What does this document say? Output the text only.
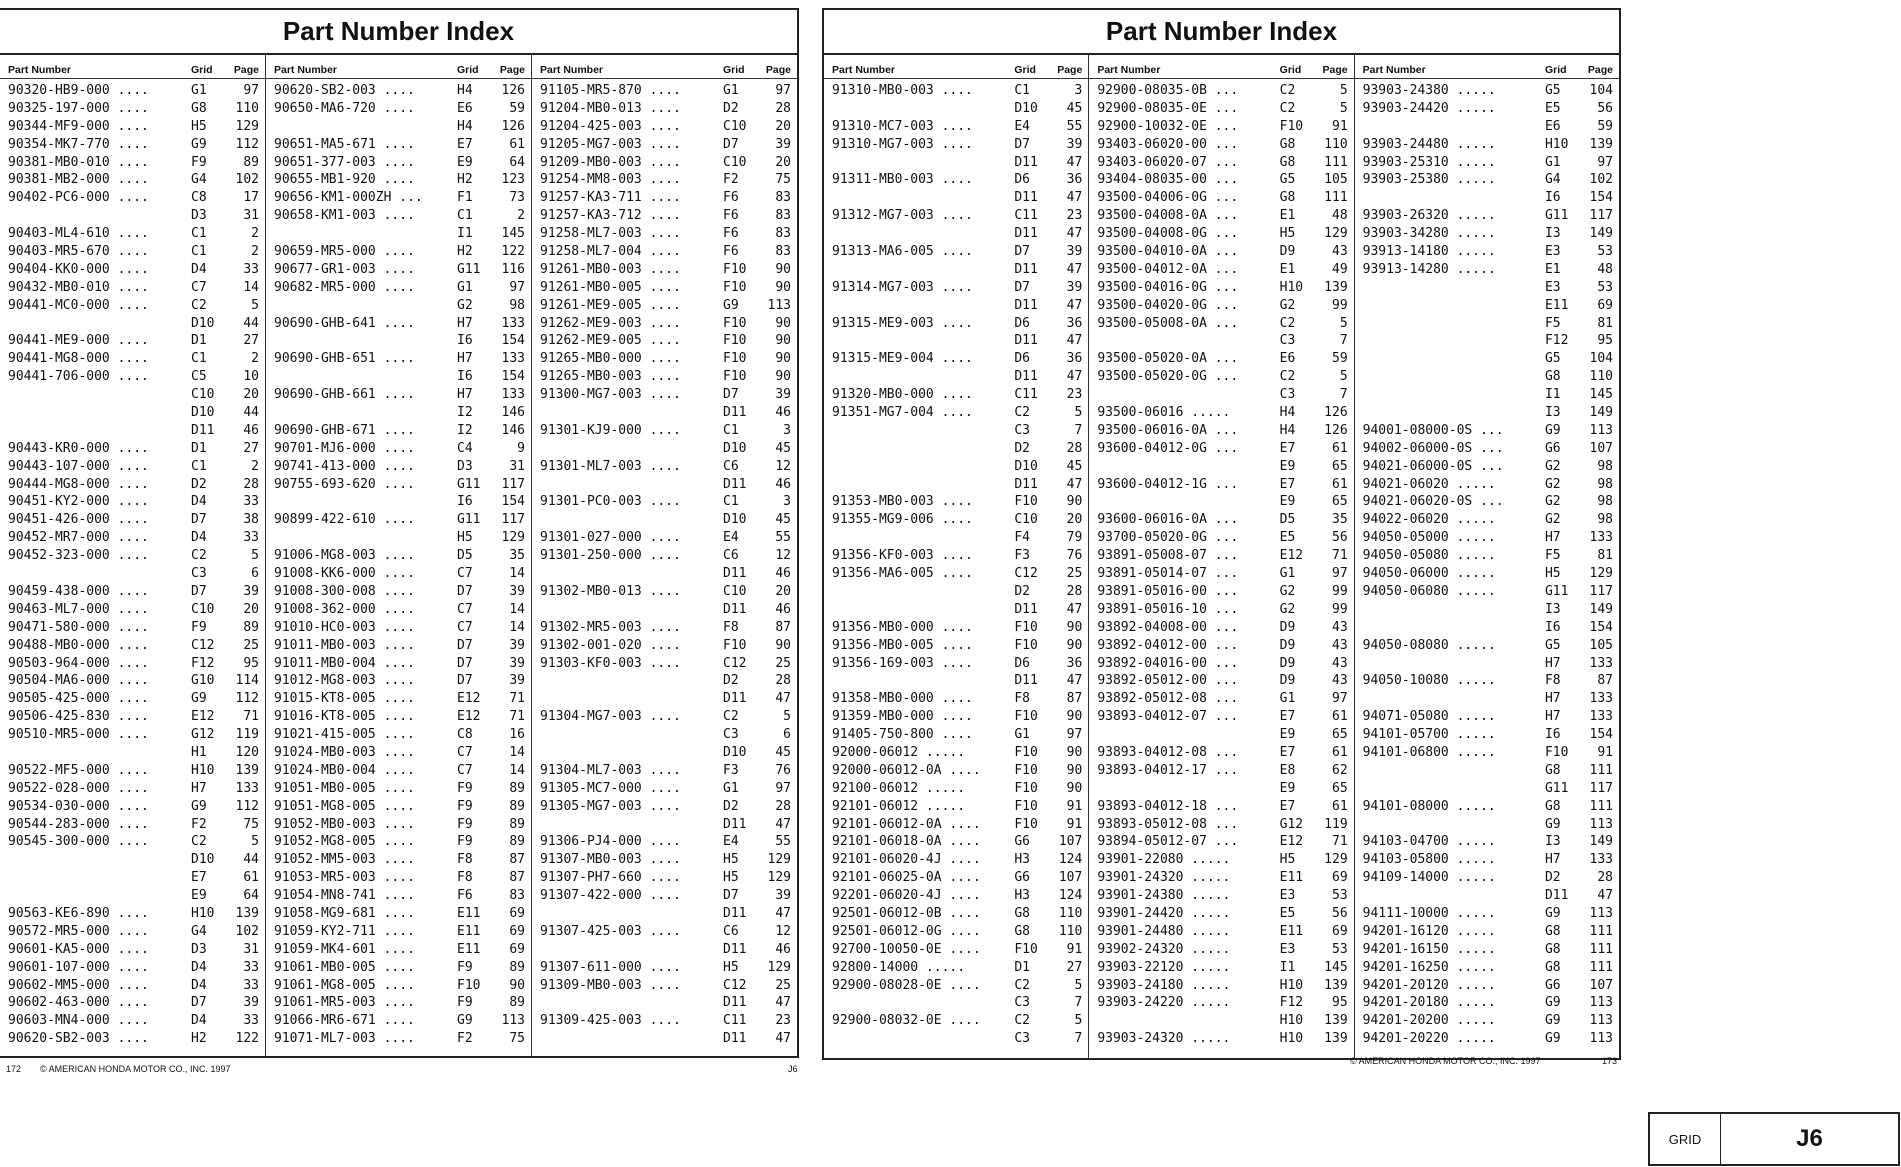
Part Number Index
Part Number	Grid	Page
90320-HB9-000 ....	G1	97
90325-197-000 ....	G8	110
90344-MF9-000 ....	H5	129
90354-MK7-770 ....	G9	112
90381-MB0-010 ....	F9	89
90381-MB2-000 ....	G4	102
90402-PC6-000 ....	C8	17
D3	31
90403-ML4-610 ....	C1	2
90403-MR5-670 ....	C1	2
90404-KK0-000 ....	D4	33
90432-MB0-010 ....	C7	14
90441-MC0-000 ....	C2	5
D10	44
90441-ME9-000 ....	D1	27
90441-MG8-000 ....	C1	2
90441-706-000 ....	C5	10
C10	20
D10	44
D11	46
90443-KR0-000 ....	D1	27
90443-107-000 ....	C1	2
90444-MG8-000 ....	D2	28
90451-KY2-000 ....	D4	33
90451-426-000 ....	D7	38
90452-MR7-000 ....	D4	33
90452-323-000 ....	C2	5
C3	6
90459-438-000 ....	D7	39
90463-ML7-000 ....	C10	20
90471-580-000 ....	F9	89
90488-MB0-000 ....	C12	25
90503-964-000 ....	F12	95
90504-MA6-000 ....	G10	114
90505-425-000 ....	G9	112
90506-425-830 ....	E12	71
90510-MR5-000 ....	G12	119
H1	120
90522-MF5-000 ....	H10	139
90522-028-000 ....	H7	133
90534-030-000 ....	G9	112
90544-283-000 ....	F2	75
90545-300-000 ....	C2	5
D10	44
E7	61
E9	64
90563-KE6-890 ....	H10	139
90572-MR5-000 ....	G4	102
90601-KA5-000 ....	D3	31
90601-107-000 ....	D4	33
90602-MM5-000 ....	D4	33
90602-463-000 ....	D7	39
90603-MN4-000 ....	D4	33
90620-SB2-003 ....	H2	122
Part Number	Grid	Page
90620-SB2-003 ....	H4	126
90650-MA6-720 ....	E6	59
H4	126
90651-MA5-671 ....	E7	61
90651-377-003 ....	E9	64
90655-MB1-920 ....	H2	123
90656-KM1-000ZH ...	F1	73
90658-KM1-003 ....	C1	2
I1	145
90659-MR5-000 ....	H2	122
90677-GR1-003 ....	G11	116
90682-MR5-000 ....	G1	97
G2	98
90690-GHB-641 ....	H7	133
I6	154
90690-GHB-651 ....	H7	133
I6	154
90690-GHB-661 ....	H7	133
I2	146
90690-GHB-671 ....	I2	146
90701-MJ6-000 ....	C4	9
90741-413-000 ....	D3	31
90755-693-620 ....	G11	117
I6	154
90899-422-610 ....	G11	117
H5	129
91006-MG8-003 ....	D5	35
91008-KK6-000 ....	C7	14
91008-300-008 ....	D7	39
91008-362-000 ....	C7	14
91010-HC0-003 ....	C7	14
91011-MB0-003 ....	D7	39
91011-MB0-004 ....	D7	39
91012-MG8-003 ....	D7	39
91015-KT8-005 ....	E12	71
91016-KT8-005 ....	E12	71
91021-415-005 ....	C8	16
91024-MB0-003 ....	C7	14
91024-MB0-004 ....	C7	14
91051-MB0-005 ....	F9	89
91051-MG8-005 ....	F9	89
91052-MB0-003 ....	F9	89
91052-MG8-005 ....	F9	89
91052-MM5-003 ....	F8	87
91053-MR5-003 ....	F8	87
91054-MN8-741 ....	F6	83
91058-MG9-681 ....	E11	69
91059-KY2-711 ....	E11	69
91059-MK4-601 ....	E11	69
91061-MB0-005 ....	F9	89
91061-MG8-005 ....	F10	90
91061-MR5-003 ....	F9	89
91066-MR6-671 ....	G9	113
91071-ML7-003 ....	F2	75
Part Number	Grid	Page
91105-MR5-870 ....	G1	97
91204-MB0-013 ....	D2	28
91204-425-003 ....	C10	20
91205-MG7-003 ....	D7	39
91209-MB0-003 ....	C10	20
91254-MM8-003 ....	F2	75
91257-KA3-711 ....	F6	83
91257-KA3-712 ....	F6	83
91258-ML7-003 ....	F6	83
91258-ML7-004 ....	F6	83
91261-MB0-003 ....	F10	90
91261-MB0-005 ....	F10	90
91261-ME9-005 ....	G9	113
91262-ME9-003 ....	F10	90
91262-ME9-005 ....	F10	90
91265-MB0-000 ....	F10	90
91265-MB0-003 ....	F10	90
91300-MG7-003 ....	D7	39
D11	46
91301-KJ9-000 ....	C1	3
D10	45
91301-ML7-003 ....	C6	12
D11	46
91301-PC0-003 ....	C1	3
D10	45
91301-027-000 ....	E4	55
91301-250-000 ....	C6	12
D11	46
91302-MB0-013 ....	C10	20
D11	46
91302-MR5-003 ....	F8	87
91302-001-020 ....	F10	90
91303-KF0-003 ....	C12	25
D2	28
D11	47
91304-MG7-003 ....	C2	5
C3	6
D10	45
91304-ML7-003 ....	F3	76
91305-MC7-000 ....	G1	97
91305-MG7-003 ....	D2	28
D11	47
91306-PJ4-000 ....	E4	55
91307-MB0-003 ....	H5	129
91307-PH7-660 ....	H5	129
91307-422-000 ....	D7	39
D11	47
91307-425-003 ....	C6	12
D11	46
91307-611-000 ....	H5	129
91309-MB0-003 ....	C12	25
D11	47
91309-425-003 ....	C11	23
D11	47
172 © AMERICAN HONDA MOTOR CO., INC. 1997	J6
Part Number Index
Part Number	Grid	Page
91310-MB0-003 ....	C1	3
D10	45
91310-MC7-003 ....	E4	55
91310-MG7-003 ....	D7	39
D11	47
91311-MB0-003 ....	D6	36
D11	47
91312-MG7-003 ....	C11	23
D11	47
91313-MA6-005 ....	D7	39
D11	47
91314-MG7-003 ....	D7	39
D11	47
91315-ME9-003 ....	D6	36
D11	47
91315-ME9-004 ....	D6	36
D11	47
91320-MB0-000 ....	C11	23
91351-MG7-004 ....	C2	5
C3	7
D2	28
D10	45
D11	47
91353-MB0-003 ....	F10	90
91355-MG9-006 ....	C10	20
F4	79
91356-KF0-003 ....	F3	76
91356-MA6-005 ....	C12	25
D2	28
D11	47
91356-MB0-000 ....	F10	90
91356-MB0-005 ....	F10	90
91356-169-003 ....	D6	36
D11	47
91358-MB0-000 ....	F8	87
91359-MB0-000 ....	F10	90
91405-750-800 ....	G1	97
92000-06012 .....	F10	90
92000-06012-0A ....	F10	90
92100-06012 .....	F10	90
92101-06012 .....	F10	91
92101-06012-0A ....	F10	91
92101-06018-0A ....	G6	107
92101-06020-4J ....	H3	124
92101-06025-0A ....	G6	107
92201-06020-4J ....	H3	124
92501-06012-0B ....	G8	110
92501-06012-0G ....	G8	110
92700-10050-0E ....	F10	91
92800-14000 .....	D1	27
92900-08028-0E ....	C2	5
C3	7
92900-08032-0E ....	C2	5
C3	7
Part Number	Grid	Page
92900-08035-0B ...	C2	5
92900-08035-0E ...	C2	5
92900-10032-0E ...	F10	91
93403-06020-00 ...	G8	110
93403-06020-07 ...	G8	111
93404-08035-00 ...	G5	105
93500-04006-0G ...	G8	111
93500-04008-0A ...	E1	48
93500-04008-0G ...	H5	129
93500-04010-0A ...	D9	43
93500-04012-0A ...	E1	49
93500-04016-0G ...	H10	139
93500-04020-0G ...	G2	99
93500-05008-0A ...	C2	5
C3	7
93500-05020-0A ...	E6	59
93500-05020-0G ...	C2	5
C3	7
93500-06016 .....	H4	126
93500-06016-0A ...	H4	126
93600-04012-0G ...	E7	61
E9	65
93600-04012-1G ...	E7	61
E9	65
93600-06016-0A ...	D5	35
93700-05020-0G ...	E5	56
93891-05008-07 ...	E12	71
93891-05014-07 ...	G1	97
93891-05016-00 ...	G2	99
93891-05016-10 ...	G2	99
93892-04008-00 ...	D9	43
93892-04012-00 ...	D9	43
93892-04016-00 ...	D9	43
93892-05012-00 ...	D9	43
93892-05012-08 ...	G1	97
93893-04012-07 ...	E7	61
E9	65
93893-04012-08 ...	E7	61
93893-04012-17 ...	E8	62
E9	65
93893-04012-18 ...	E7	61
93893-05012-08 ...	G12	119
93894-05012-07 ...	E12	71
93901-22080 .....	H5	129
93901-24320 .....	E11	69
93901-24380 .....	E3	53
93901-24420 .....	E5	56
93901-24480 .....	E11	69
93902-24320 .....	E3	53
93903-22120 .....	I1	145
93903-24180 .....	H10	139
93903-24220 .....	F12	95
H10	139
93903-24320 .....	H10	139
Part Number	Grid	Page
93903-24380 .....	G5	104
93903-24420 .....	E5	56
E6	59
93903-24480 .....	H10	139
93903-25310 .....	G1	97
93903-25380 .....	G4	102
I6	154
93903-26320 .....	G11	117
93903-34280 .....	I3	149
93913-14180 .....	E3	53
93913-14280 .....	E1	48
E3	53
E11	69
F5	81
F12	95
G5	104
G8	110
I1	145
I3	149
94001-08000-0S ...	G9	113
94002-06000-0S ...	G6	107
94021-06000-0S ...	G2	98
94021-06020 .....	G2	98
94021-06020-0S ...	G2	98
94022-06020 .....	G2	98
94050-05000 .....	H7	133
94050-05080 .....	F5	81
94050-06000 .....	H5	129
94050-06080 .....	G11	117
I3	149
I6	154
94050-08080 .....	G5	105
H7	133
94050-10080 .....	F8	87
H7	133
94071-05080 .....	H7	133
94101-05700 .....	I6	154
94101-06800 .....	F10	91
G8	111
G11	117
94101-08000 .....	G8	111
G9	113
94103-04700 .....	I3	149
94103-05800 .....	H7	133
94109-14000 .....	D2	28
D11	47
94111-10000 .....	G9	113
94201-16120 .....	G8	111
94201-16150 .....	G8	111
94201-16250 .....	G8	111
94201-20120 .....	G6	107
94201-20180 .....	G9	113
94201-20200 .....	G9	113
94201-20220 .....	G9	113
© AMERICAN HONDA MOTOR CO., INC. 1997	173
GRID	J6
